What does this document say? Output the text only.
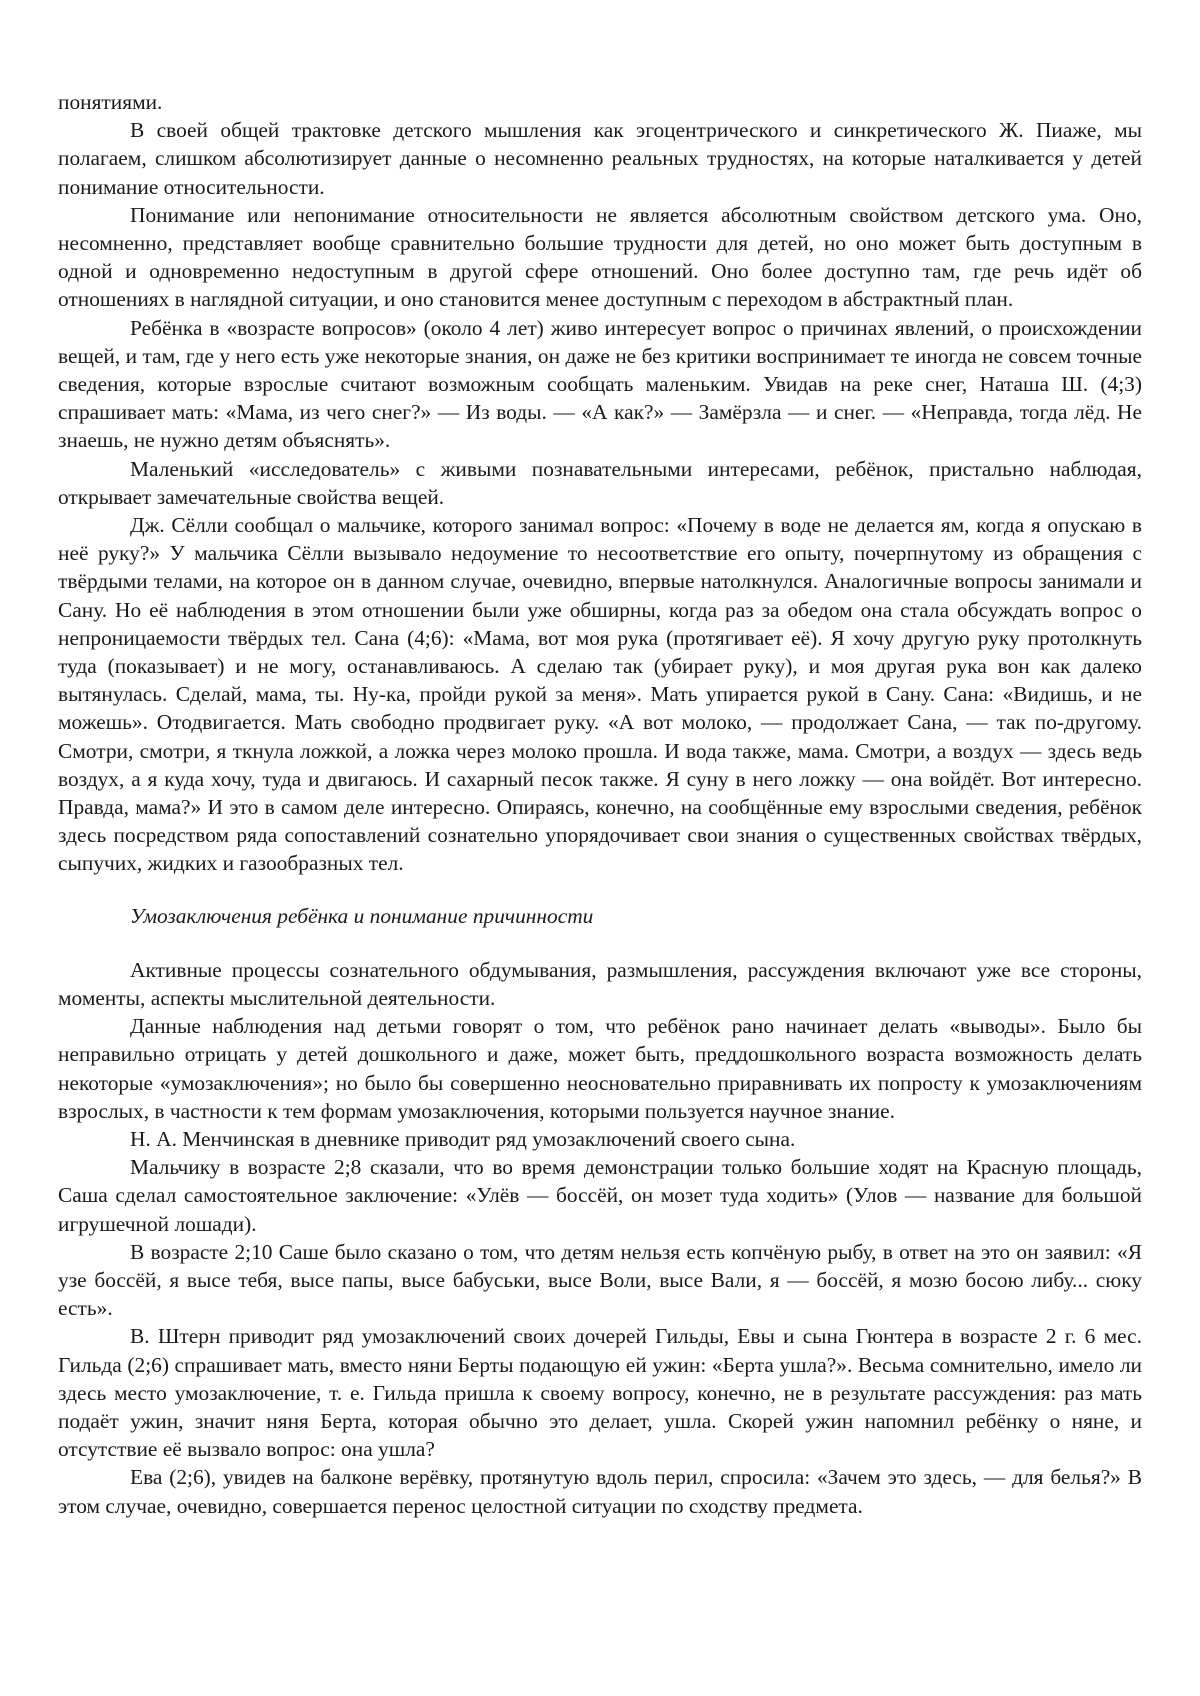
понятиями.

В своей общей трактовке детского мышления как эгоцентрического и синкретического Ж. Пиаже, мы полагаем, слишком абсолютизирует данные о несомненно реальных трудностях, на которые наталкивается у детей понимание относительности.

Понимание или непонимание относительности не является абсолютным свойством детского ума. Оно, несомненно, представляет вообще сравнительно большие трудности для детей, но оно может быть доступным в одной и одновременно недоступным в другой сфере отношений. Оно более доступно там, где речь идёт об отношениях в наглядной ситуации, и оно становится менее доступным с переходом в абстрактный план.

Ребёнка в «возрасте вопросов» (около 4 лет) живо интересует вопрос о причинах явлений, о происхождении вещей, и там, где у него есть уже некоторые знания, он даже не без критики воспринимает те иногда не совсем точные сведения, которые взрослые считают возможным сообщать маленьким. Увидав на реке снег, Наташа Ш. (4;3) спрашивает мать: «Мама, из чего снег?» — Из воды. — «А как?» — Замёрзла — и снег. — «Неправда, тогда лёд. Не знаешь, не нужно детям объяснять».

Маленький «исследователь» с живыми познавательными интересами, ребёнок, пристально наблюдая, открывает замечательные свойства вещей.

Дж. Сёлли сообщал о мальчике, которого занимал вопрос: «Почему в воде не делается ям, когда я опускаю в неё руку?» У мальчика Сёлли вызывало недоумение то несоответствие его опыту, почерпнутому из обращения с твёрдыми телами, на которое он в данном случае, очевидно, впервые натолкнулся. Аналогичные вопросы занимали и Сану. Но её наблюдения в этом отношении были уже обширны, когда раз за обедом она стала обсуждать вопрос о непроницаемости твёрдых тел. Сана (4;6): «Мама, вот моя рука (протягивает её). Я хочу другую руку протолкнуть туда (показывает) и не могу, останавливаюсь. А сделаю так (убирает руку), и моя другая рука вон как далеко вытянулась. Сделай, мама, ты. Ну-ка, пройди рукой за меня». Мать упирается рукой в Сану. Сана: «Видишь, и не можешь». Отодвигается. Мать свободно продвигает руку. «А вот молоко, — продолжает Сана, — так по-другому. Смотри, смотри, я ткнула ложкой, а ложка через молоко прошла. И вода также, мама. Смотри, а воздух — здесь ведь воздух, а я куда хочу, туда и двигаюсь. И сахарный песок также. Я суну в него ложку — она войдёт. Вот интересно. Правда, мама?» И это в самом деле интересно. Опираясь, конечно, на сообщённые ему взрослыми сведения, ребёнок здесь посредством ряда сопоставлений сознательно упорядочивает свои знания о существенных свойствах твёрдых, сыпучих, жидких и газообразных тел.

Умозаключения ребёнка и понимание причинности

Активные процессы сознательного обдумывания, размышления, рассуждения включают уже все стороны, моменты, аспекты мыслительной деятельности.

Данные наблюдения над детьми говорят о том, что ребёнок рано начинает делать «выводы». Было бы неправильно отрицать у детей дошкольного и даже, может быть, преддошкольного возраста возможность делать некоторые «умозаключения»; но было бы совершенно неосновательно приравнивать их попросту к умозаключениям взрослых, в частности к тем формам умозаключения, которыми пользуется научное знание.

Н. А. Менчинская в дневнике приводит ряд умозаключений своего сына.

Мальчику в возрасте 2;8 сказали, что во время демонстрации только большие ходят на Красную площадь, Саша сделал самостоятельное заключение: «Улёв — боссёй, он мозет туда ходить» (Улов — название для большой игрушечной лошади).

В возрасте 2;10 Саше было сказано о том, что детям нельзя есть копчёную рыбу, в ответ на это он заявил: «Я узе боссёй, я высе тебя, высе папы, высе бабуськи, высе Воли, высе Вали, я — боссёй, я мозю босою либу... сюку есть».

В. Штерн приводит ряд умозаключений своих дочерей Гильды, Евы и сына Гюнтера в возрасте 2 г. 6 мес. Гильда (2;6) спрашивает мать, вместо няни Берты подающую ей ужин: «Берта ушла?». Весьма сомнительно, имело ли здесь место умозаключение, т. е. Гильда пришла к своему вопросу, конечно, не в результате рассуждения: раз мать подаёт ужин, значит няня Берта, которая обычно это делает, ушла. Скорей ужин напомнил ребёнку о няне, и отсутствие её вызвало вопрос: она ушла?

Ева (2;6), увидев на балконе верёвку, протянутую вдоль перил, спросила: «Зачем это здесь, — для белья?» В этом случае, очевидно, совершается перенос целостной ситуации по сходству предмета.
